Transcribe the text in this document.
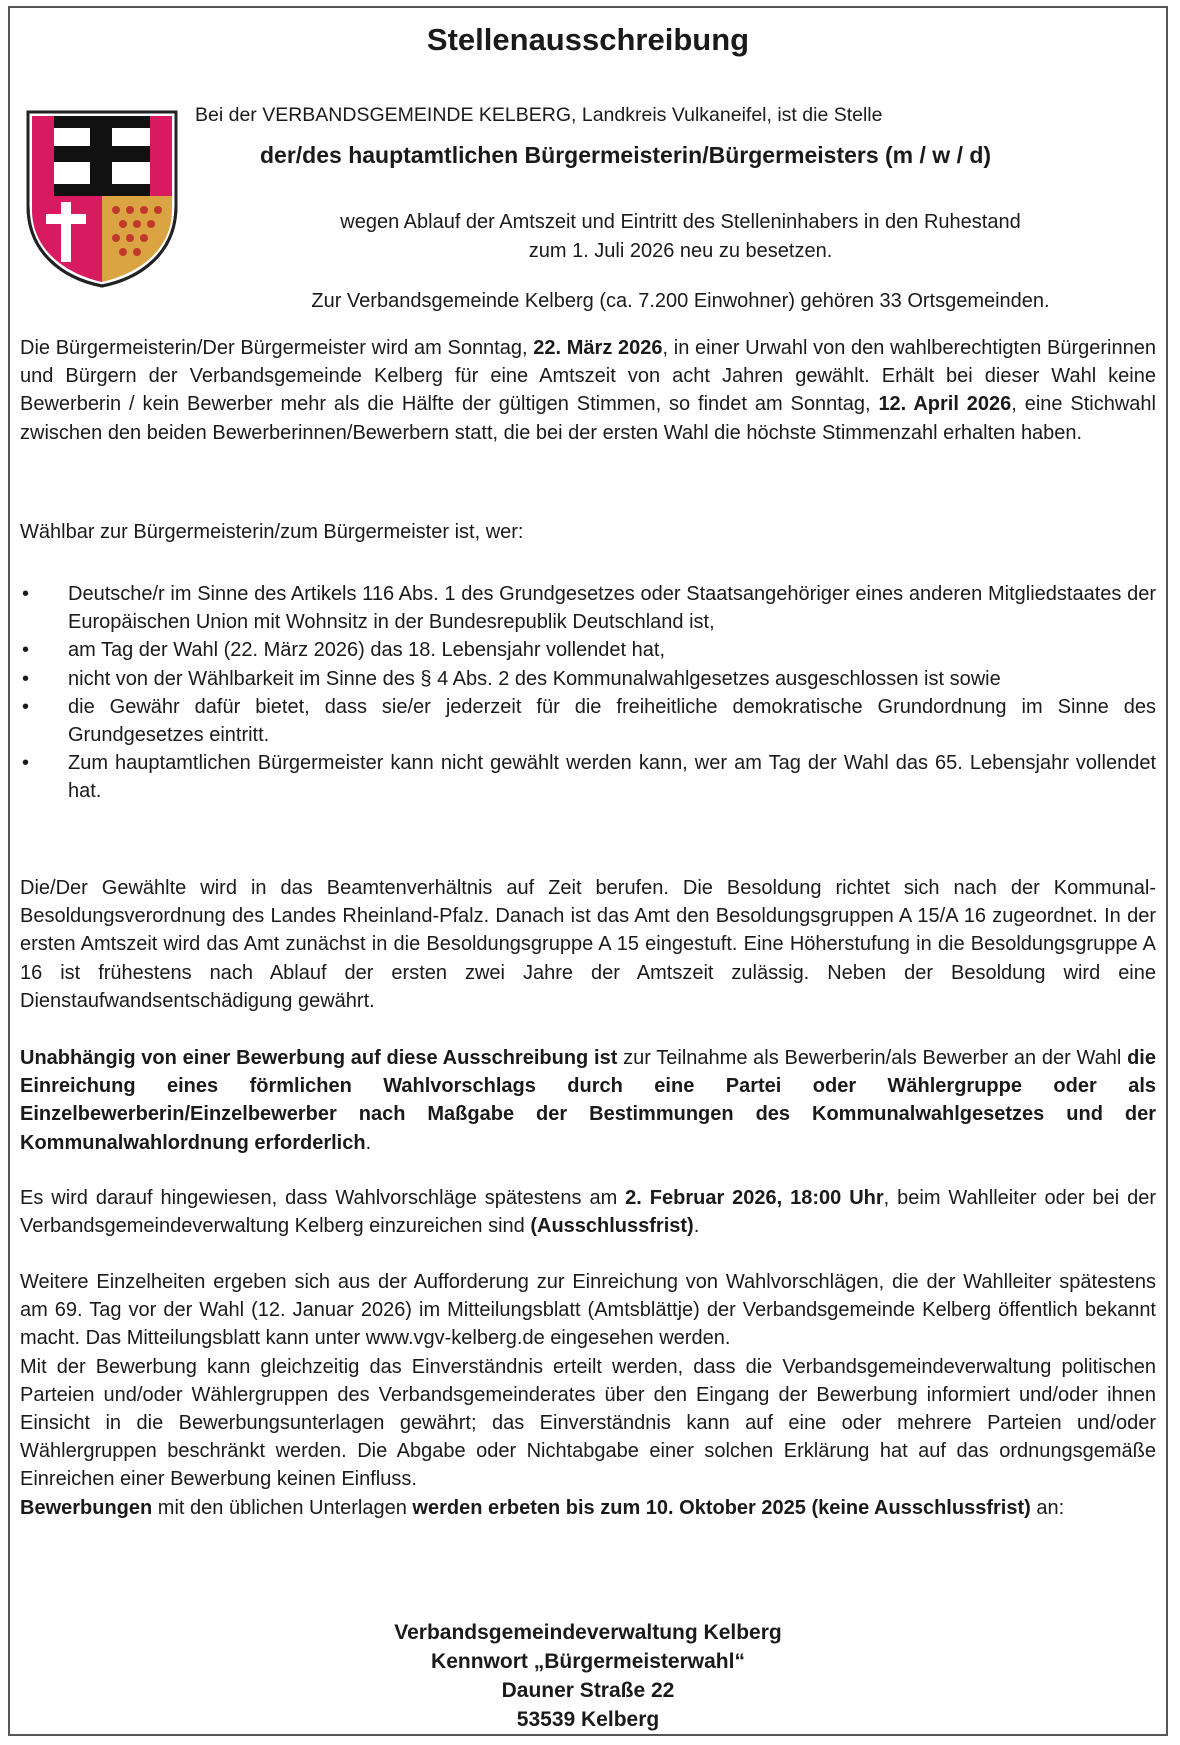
Stellenausschreibung
Bei der VERBANDSGEMEINDE KELBERG, Landkreis Vulkaneifel, ist die Stelle
der/des hauptamtlichen Bürgermeisterin/Bürgermeisters (m / w / d)
wegen Ablauf der Amtszeit und Eintritt des Stelleninhabers in den Ruhestand
zum 1. Juli 2026 neu zu besetzen.
Zur Verbandsgemeinde Kelberg (ca. 7.200 Einwohner) gehören 33 Ortsgemeinden.
Die Bürgermeisterin/Der Bürgermeister wird am Sonntag, 22. März 2026, in einer Urwahl von den wahlberechtigten Bürgerinnen und Bürgern der Verbandsgemeinde Kelberg für eine Amtszeit von acht Jahren gewählt. Erhält bei dieser Wahl keine Bewerberin / kein Bewerber mehr als die Hälfte der gültigen Stimmen, so findet am Sonntag, 12. April 2026, eine Stichwahl zwischen den beiden Bewerberinnen/Bewerbern statt, die bei der ersten Wahl die höchste Stimmenzahl erhalten haben.
Wählbar zur Bürgermeisterin/zum Bürgermeister ist, wer:
• Deutsche/r im Sinne des Artikels 116 Abs. 1 des Grundgesetzes oder Staatsangehöriger eines anderen Mitgliedstaates der Europäischen Union mit Wohnsitz in der Bundesrepublik Deutschland ist,
• am Tag der Wahl (22. März 2026) das 18. Lebensjahr vollendet hat,
• nicht von der Wählbarkeit im Sinne des § 4 Abs. 2 des Kommunalwahlgesetzes ausgeschlossen ist sowie
• die Gewähr dafür bietet, dass sie/er jederzeit für die freiheitliche demokratische Grundordnung im Sinne des Grundgesetzes eintritt.
• Zum hauptamtlichen Bürgermeister kann nicht gewählt werden kann, wer am Tag der Wahl das 65. Lebensjahr vollendet hat.
Die/Der Gewählte wird in das Beamtenverhältnis auf Zeit berufen. Die Besoldung richtet sich nach der Kommunal-Besoldungsverordnung des Landes Rheinland-Pfalz. Danach ist das Amt den Besoldungsgruppen A 15/A 16 zugeordnet. In der ersten Amtszeit wird das Amt zunächst in die Besoldungsgruppe A 15 eingestuft. Eine Höherstufung in die Besoldungsgruppe A 16 ist frühestens nach Ablauf der ersten zwei Jahre der Amtszeit zulässig. Neben der Besoldung wird eine Dienstaufwandsentschädigung gewährt.
Unabhängig von einer Bewerbung auf diese Ausschreibung ist zur Teilnahme als Bewerberin/als Bewerber an der Wahl die Einreichung eines förmlichen Wahlvorschlags durch eine Partei oder Wählergruppe oder als Einzelbewerberin/Einzelbewerber nach Maßgabe der Bestimmungen des Kommunalwahlgesetzes und der Kommunalwahlordnung erforderlich.
Es wird darauf hingewiesen, dass Wahlvorschläge spätestens am 2. Februar 2026, 18:00 Uhr, beim Wahlleiter oder bei der Verbandsgemeindeverwaltung Kelberg einzureichen sind (Ausschlussfrist).
Weitere Einzelheiten ergeben sich aus der Aufforderung zur Einreichung von Wahlvorschlägen, die der Wahlleiter spätestens am 69. Tag vor der Wahl (12. Januar 2026) im Mitteilungsblatt (Amtsblättje) der Verbandsgemeinde Kelberg öffentlich bekannt macht. Das Mitteilungsblatt kann unter www.vgv-kelberg.de eingesehen werden.
Mit der Bewerbung kann gleichzeitig das Einverständnis erteilt werden, dass die Verbandsgemeindeverwaltung politischen Parteien und/oder Wählergruppen des Verbandsgemeinderates über den Eingang der Bewerbung informiert und/oder ihnen Einsicht in die Bewerbungsunterlagen gewährt; das Einverständnis kann auf eine oder mehrere Parteien und/oder Wählergruppen beschränkt werden. Die Abgabe oder Nichtabgabe einer solchen Erklärung hat auf das ordnungsgemäße Einreichen einer Bewerbung keinen Einfluss.
Bewerbungen mit den üblichen Unterlagen werden erbeten bis zum 10. Oktober 2025 (keine Ausschlussfrist) an:
Verbandsgemeindeverwaltung Kelberg
Kennwort „Bürgermeisterwahl“
Dauner Straße 22
53539 Kelberg
